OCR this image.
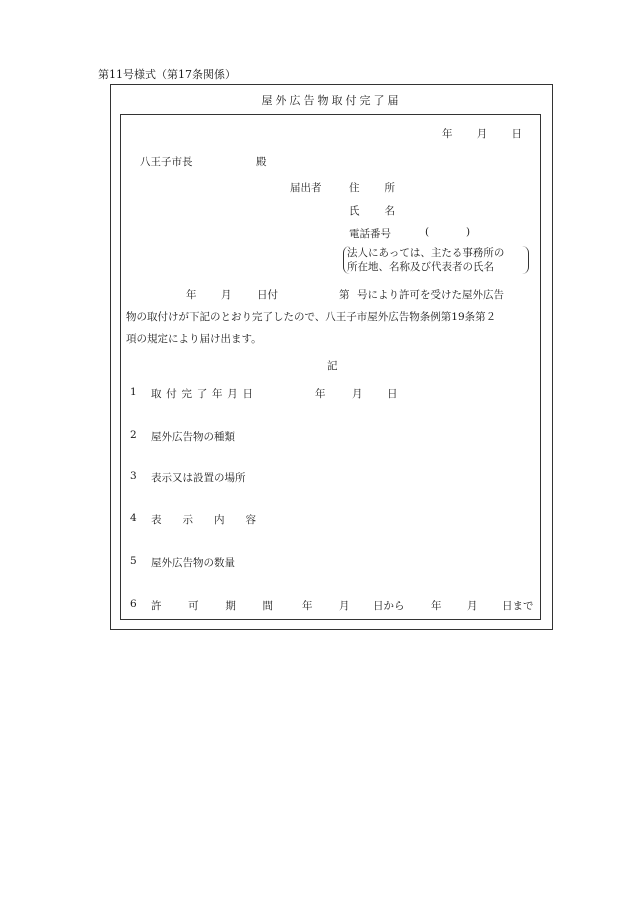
第11号様式（第17条関係）
屋外広告物取付完了届
年 月 日
八王子市長	殿
届出者	住 所
氏 名
電話番号	(	)
法人にあっては、主たる事務所の
所在地、名称及び代表者の氏名
年 月 日付	第 号により許可を受けた屋外広告
物の取付けが下記のとおり完了したので、八王子市屋外広告物条例第19条第２
項の規定により届け出ます。
記
1 取 付 完 了 年 月 日	年	月 日
2 屋外広告物の種類
3 表示又は設置の場所
4 表 示 内 容
5 屋外広告物の数量
6 許	可	期	間	年	月 日から	年 月 日まで
